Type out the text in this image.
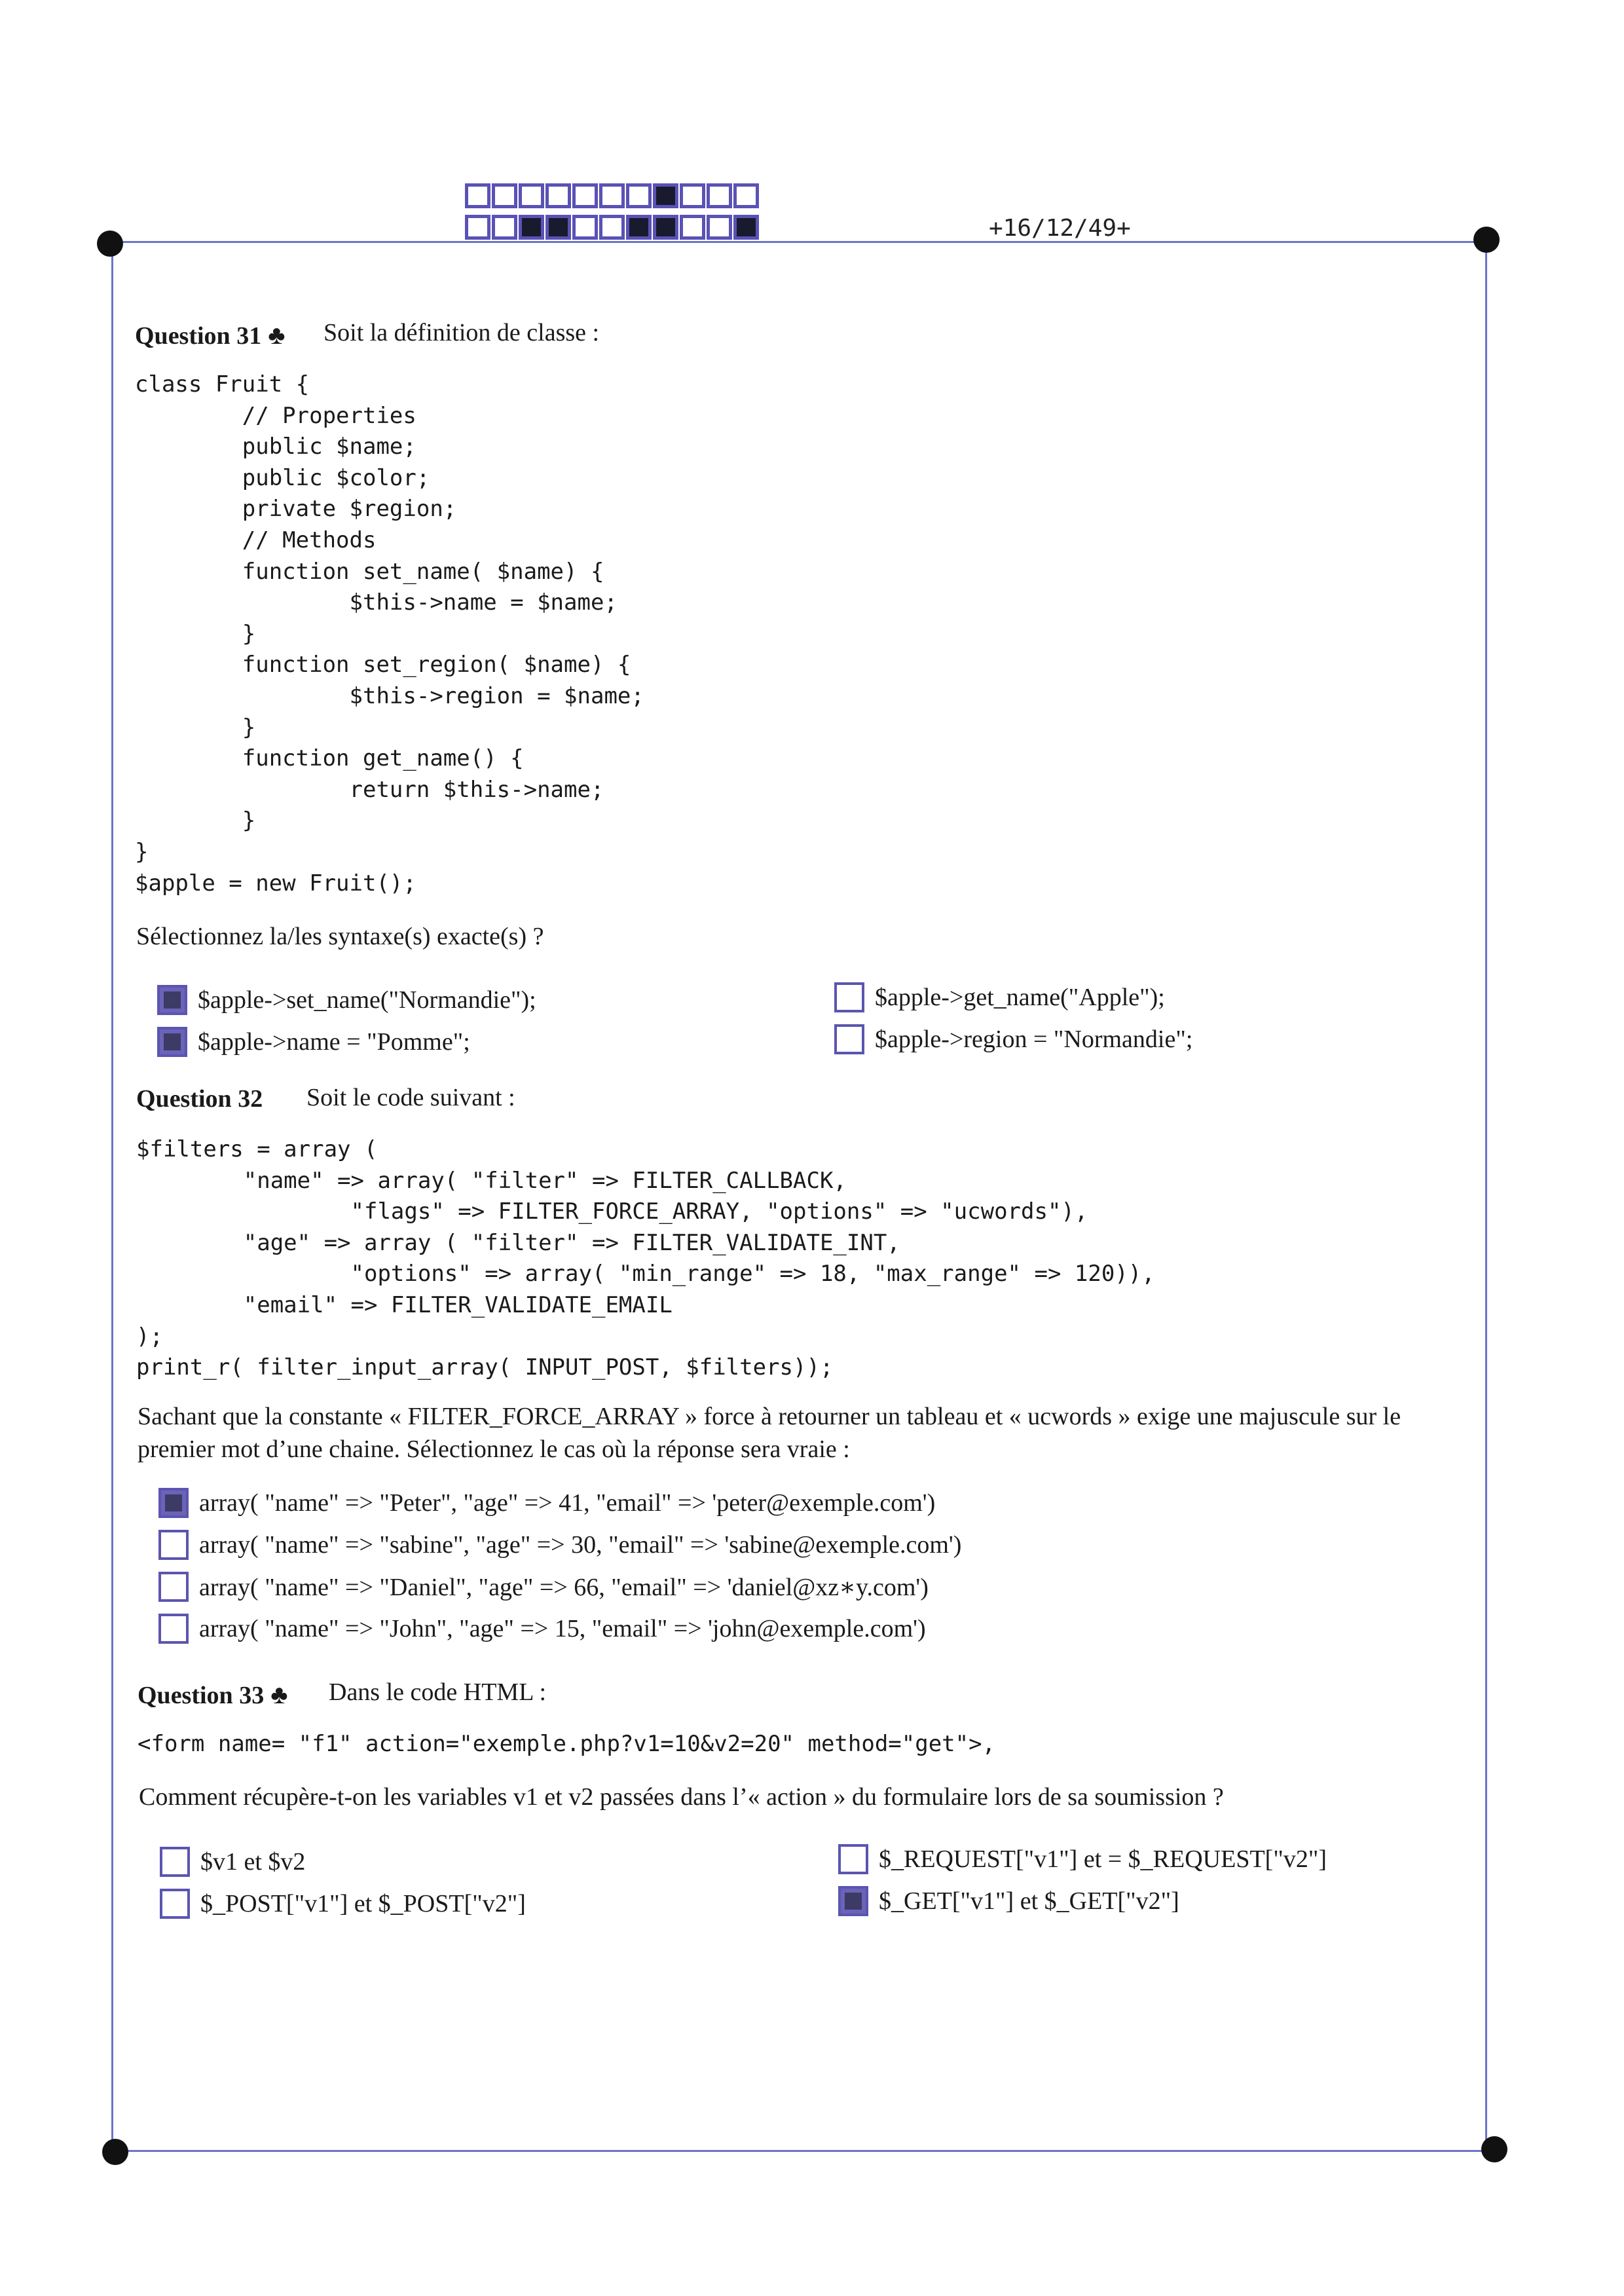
+16/12/49+
Question 31 ♣ Soit la définition de classe :
class Fruit {
// Properties
public $name;
public $color;
private $region;
// Methods
function set_name( $name) {
$this->name = $name;
}
function set_region( $name) {
$this->region = $name;
}
function get_name() {
return $this->name;
}
}
$apple = new Fruit();
Sélectionnez la/les syntaxe(s) exacte(s) ?
$apple->set_name("Normandie");
$apple->name = "Pomme";
$apple->get_name("Apple");
$apple->region = "Normandie";
Question 32 Soit le code suivant :
$filters = array (
"name" => array( "filter" => FILTER_CALLBACK,
"flags" => FILTER_FORCE_ARRAY, "options" => "ucwords"),
"age" => array ( "filter" => FILTER_VALIDATE_INT,
"options" => array( "min_range" => 18, "max_range" => 120)),
"email" => FILTER_VALIDATE_EMAIL
);
print_r( filter_input_array( INPUT_POST, $filters));
Sachant que la constante « FILTER_FORCE_ARRAY » force à retourner un tableau et « ucwords » exige une majuscule sur le
premier mot d’une chaine. Sélectionnez le cas où la réponse sera vraie :
array( "name" => "Peter", "age" => 41, "email" => 'peter@exemple.com')
array( "name" => "sabine", "age" => 30, "email" => 'sabine@exemple.com')
array( "name" => "Daniel", "age" => 66, "email" => 'daniel@xz∗y.com')
array( "name" => "John", "age" => 15, "email" => 'john@exemple.com')
Question 33 ♣ Dans le code HTML :
<form name= "f1" action="exemple.php?v1=10&v2=20" method="get">,
Comment récupère-t-on les variables v1 et v2 passées dans l’« action » du formulaire lors de sa soumission ?
$v1 et $v2
$_POST["v1"] et $_POST["v2"]
$_REQUEST["v1"] et = $_REQUEST["v2"]
$_GET["v1"] et $_GET["v2"]
